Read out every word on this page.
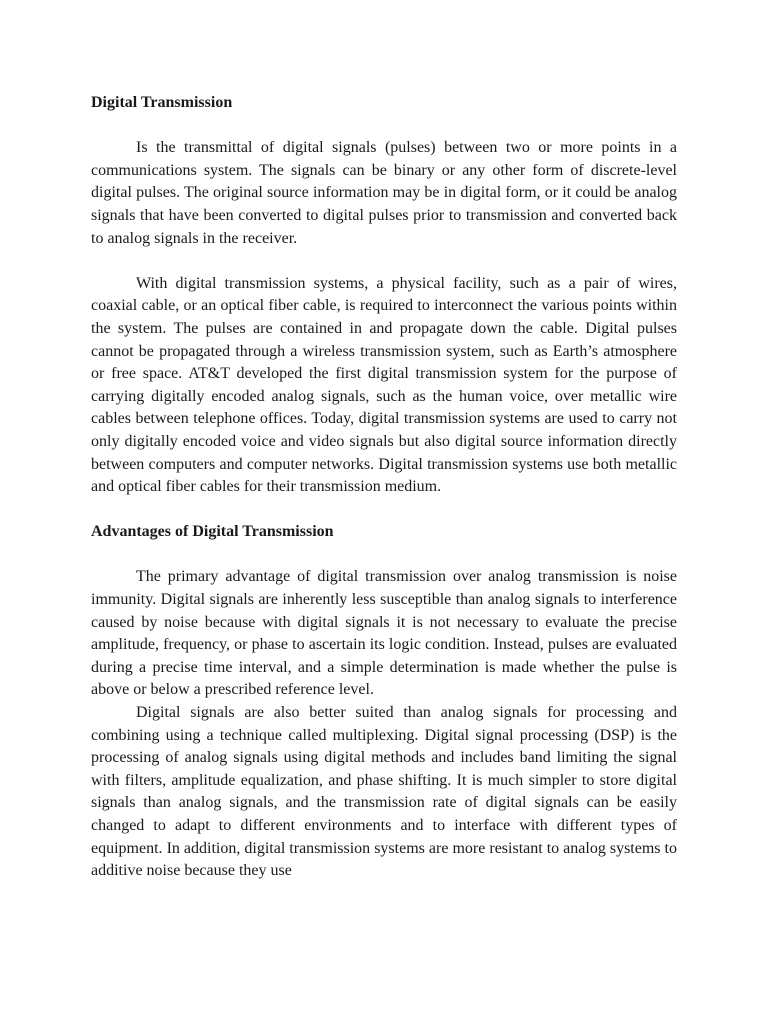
Digital Transmission

Is the transmittal of digital signals (pulses) between two or more points in a communications system. The signals can be binary or any other form of discrete-level digital pulses. The original source information may be in digital form, or it could be analog signals that have been converted to digital pulses prior to transmission and converted back to analog signals in the receiver.

With digital transmission systems, a physical facility, such as a pair of wires, coaxial cable, or an optical fiber cable, is required to interconnect the various points within the system. The pulses are contained in and propagate down the cable. Digital pulses cannot be propagated through a wireless transmission system, such as Earth’s atmosphere or free space. AT&T developed the first digital transmission system for the purpose of carrying digitally encoded analog signals, such as the human voice, over metallic wire cables between telephone offices. Today, digital transmission systems are used to carry not only digitally encoded voice and video signals but also digital source information directly between computers and computer networks. Digital transmission systems use both metallic and optical fiber cables for their transmission medium.

Advantages of Digital Transmission

The primary advantage of digital transmission over analog transmission is noise immunity. Digital signals are inherently less susceptible than analog signals to interference caused by noise because with digital signals it is not necessary to evaluate the precise amplitude, frequency, or phase to ascertain its logic condition. Instead, pulses are evaluated during a precise time interval, and a simple determination is made whether the pulse is above or below a prescribed reference level.

Digital signals are also better suited than analog signals for processing and combining using a technique called multiplexing. Digital signal processing (DSP) is the processing of analog signals using digital methods and includes band limiting the signal with filters, amplitude equalization, and phase shifting. It is much simpler to store digital signals than analog signals, and the transmission rate of digital signals can be easily changed to adapt to different environments and to interface with different types of equipment. In addition, digital transmission systems are more resistant to analog systems to additive noise because they use
